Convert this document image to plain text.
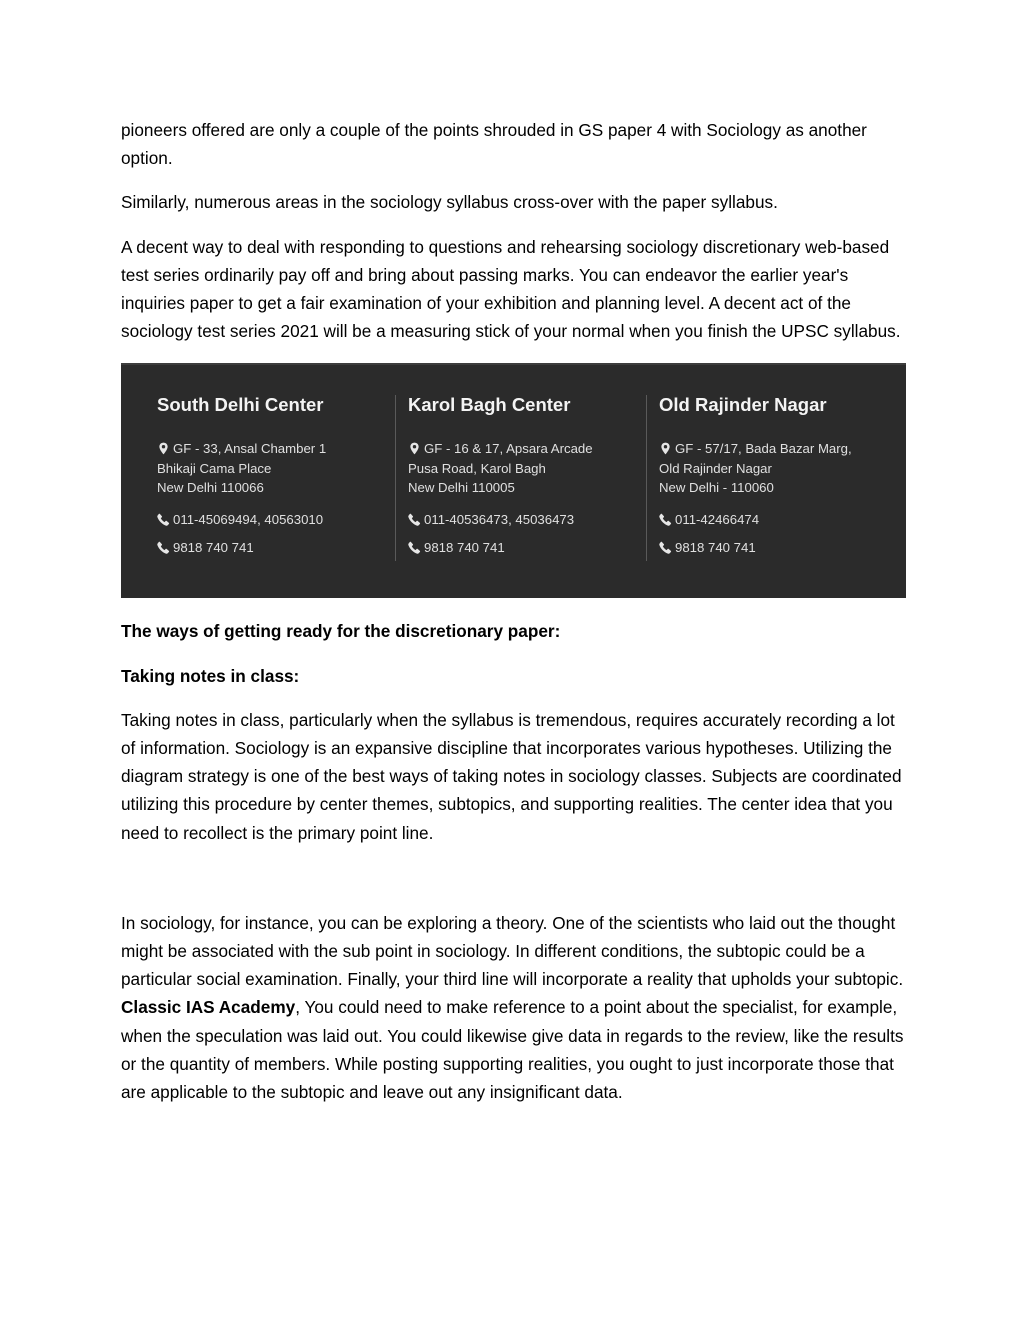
pioneers offered are only a couple of the points shrouded in GS paper 4 with Sociology as another option.

Similarly, numerous areas in the sociology syllabus cross-over with the paper syllabus.

A decent way to deal with responding to questions and rehearsing sociology discretionary web-based test series ordinarily pay off and bring about passing marks. You can endeavor the earlier year's inquiries paper to get a fair examination of your exhibition and planning level. A decent act of the sociology test series 2021 will be a measuring stick of your normal when you finish the UPSC syllabus.

South Delhi Center
GF - 33, Ansal Chamber 1
Bhikaji Cama Place
New Delhi 110066
011-45069494, 40563010
9818 740 741
Karol Bagh Center
GF - 16 & 17, Apsara Arcade
Pusa Road, Karol Bagh
New Delhi 110005
011-40536473, 45036473
9818 740 741
Old Rajinder Nagar
GF - 57/17, Bada Bazar Marg,
Old Rajinder Nagar
New Delhi - 110060
011-42466474
9818 740 741

The ways of getting ready for the discretionary paper:

Taking notes in class:

Taking notes in class, particularly when the syllabus is tremendous, requires accurately recording a lot of information. Sociology is an expansive discipline that incorporates various hypotheses. Utilizing the diagram strategy is one of the best ways of taking notes in sociology classes. Subjects are coordinated utilizing this procedure by center themes, subtopics, and supporting realities. The center idea that you need to recollect is the primary point line.

In sociology, for instance, you can be exploring a theory. One of the scientists who laid out the thought might be associated with the sub point in sociology. In different conditions, the subtopic could be a particular social examination. Finally, your third line will incorporate a reality that upholds your subtopic. Classic IAS Academy, You could need to make reference to a point about the specialist, for example, when the speculation was laid out. You could likewise give data in regards to the review, like the results or the quantity of members. While posting supporting realities, you ought to just incorporate those that are applicable to the subtopic and leave out any insignificant data.
